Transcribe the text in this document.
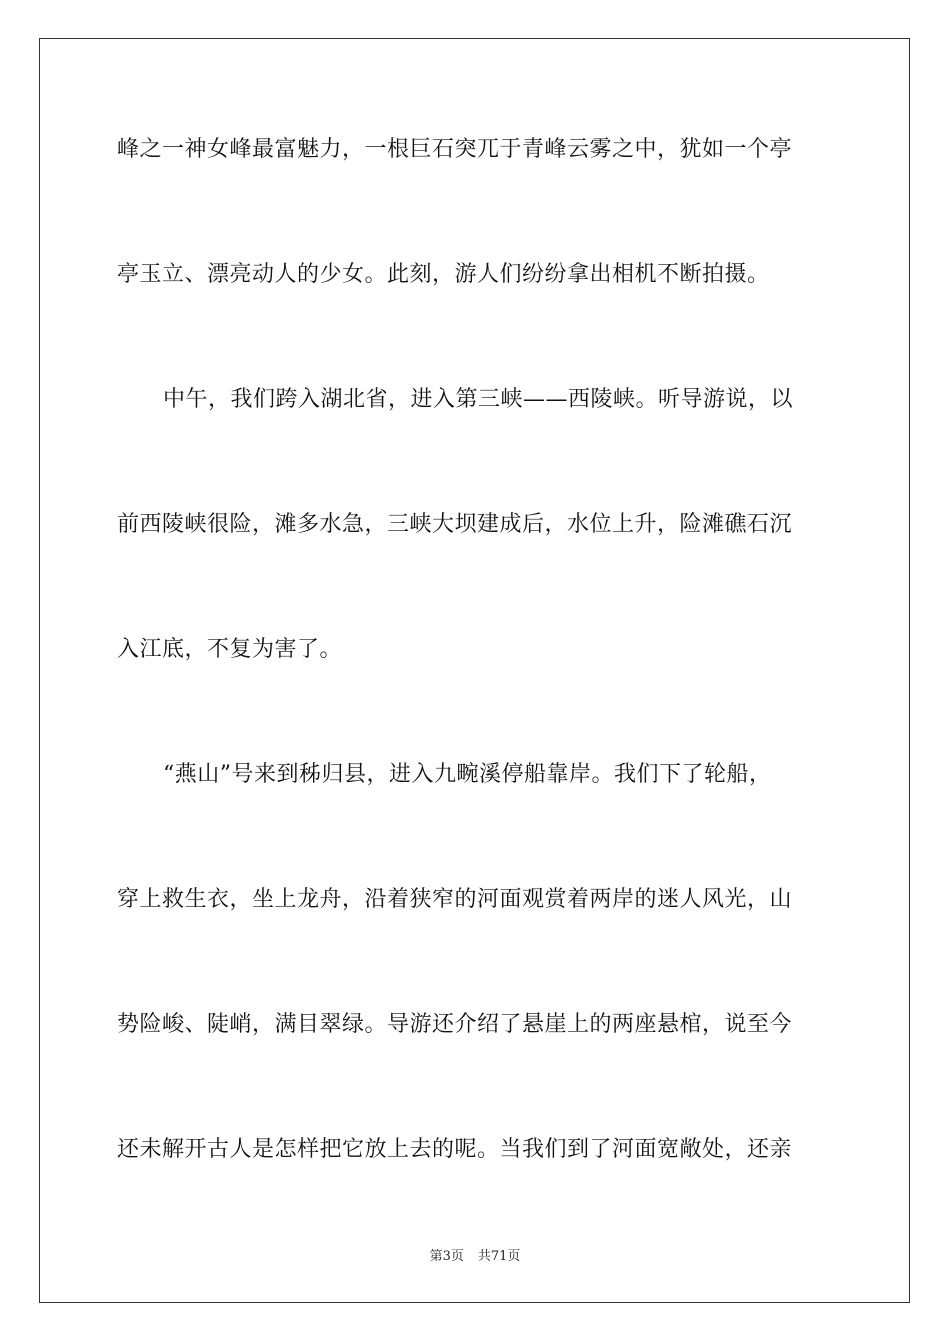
峰之一神女峰最富魅力，一根巨石突兀于青峰云雾之中，犹如一个亭
亭玉立、漂亮动人的少女。此刻，游人们纷纷拿出相机不断拍摄。
中午，我们跨入湖北省，进入第三峡——西陵峡。听导游说，以
前西陵峡很险，滩多水急，三峡大坝建成后，水位上升，险滩礁石沉
入江底，不复为害了。
“燕山”号来到秭归县，进入九畹溪停船靠岸。我们下了轮船，
穿上救生衣，坐上龙舟，沿着狭窄的河面观赏着两岸的迷人风光，山
势险峻、陡峭，满目翠绿。导游还介绍了悬崖上的两座悬棺，说至今
还未解开古人是怎样把它放上去的呢。当我们到了河面宽敞处，还亲
第3页 共71页
